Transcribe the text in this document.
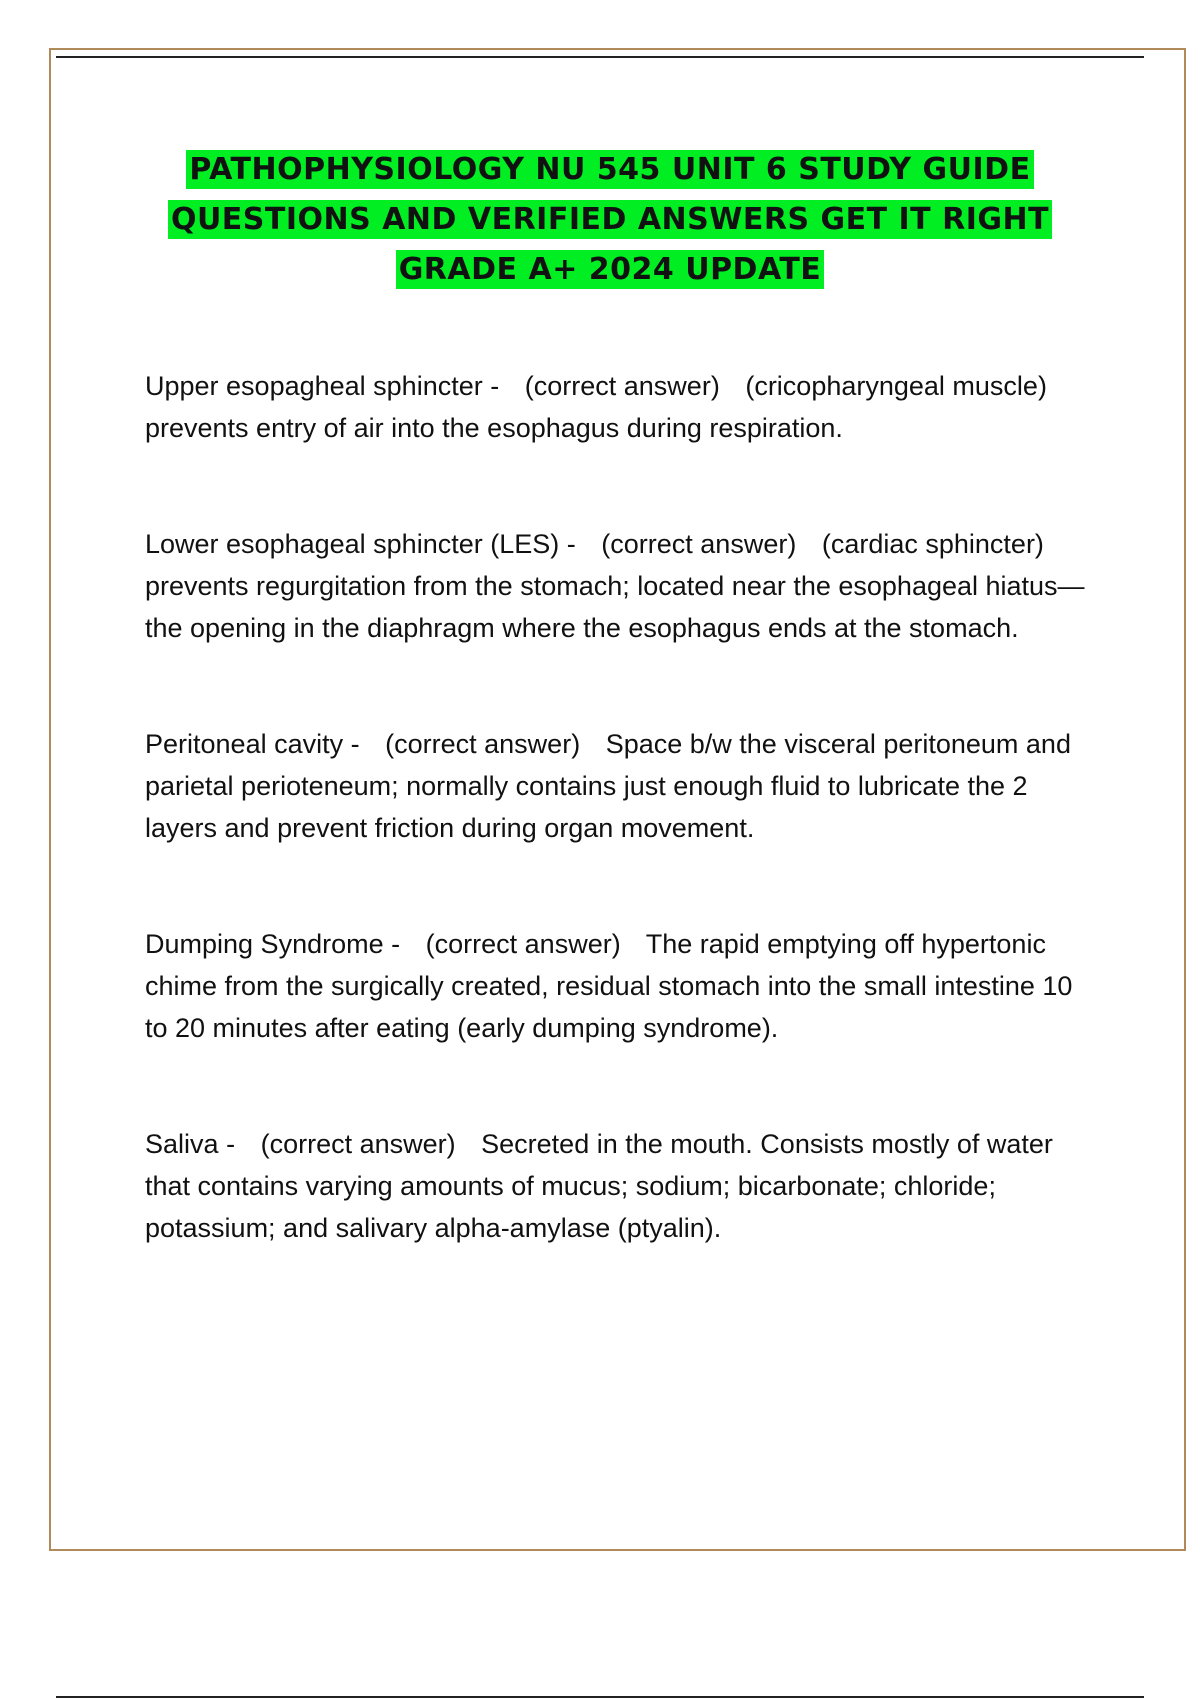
PATHOPHYSIOLOGY NU 545 UNIT 6 STUDY GUIDE
QUESTIONS AND VERIFIED ANSWERS GET IT RIGHT
GRADE A+ 2024 UPDATE

Upper esopagheal sphincter - (correct answer) (cricopharyngeal muscle) prevents entry of air into the esophagus during respiration.

Lower esophageal sphincter (LES) - (correct answer) (cardiac sphincter) prevents regurgitation from the stomach; located near the esophageal hiatus—the opening in the diaphragm where the esophagus ends at the stomach.

Peritoneal cavity - (correct answer) Space b/w the visceral peritoneum and parietal perioteneum; normally contains just enough fluid to lubricate the 2 layers and prevent friction during organ movement.

Dumping Syndrome - (correct answer) The rapid emptying off hypertonic chime from the surgically created, residual stomach into the small intestine 10 to 20 minutes after eating (early dumping syndrome).

Saliva - (correct answer) Secreted in the mouth. Consists mostly of water that contains varying amounts of mucus; sodium; bicarbonate; chloride; potassium; and salivary alpha-amylase (ptyalin).
